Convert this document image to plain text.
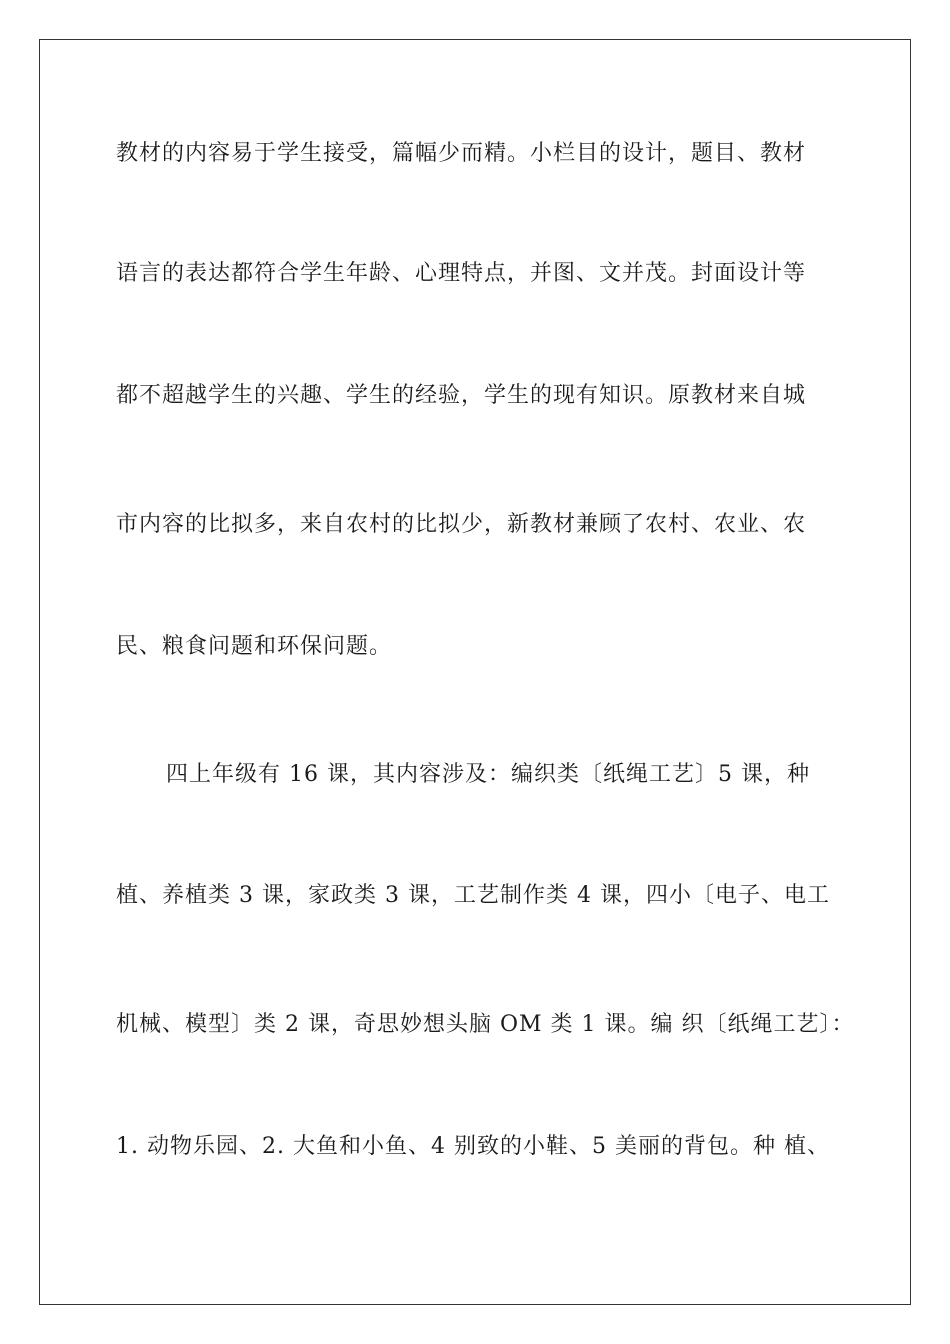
教材的内容易于学生接受，篇幅少而精。小栏目的设计，题目、教材
语言的表达都符合学生年龄、心理特点，并图、文并茂。封面设计等
都不超越学生的兴趣、学生的经验，学生的现有知识。原教材来自城
市内容的比拟多，来自农村的比拟少，新教材兼顾了农村、农业、农
民、粮食问题和环保问题。
四上年级有 16 课，其内容涉及：编织类〔纸绳工艺〕5 课，种
植、养植类 3 课，家政类 3 课，工艺制作类 4 课，四小〔电子、电工
机械、模型〕类 2 课，奇思妙想头脑 OM 类 1 课。编 织〔纸绳工艺〕：
1. 动物乐园、2. 大鱼和小鱼、4 别致的小鞋、5 美丽的背包。种 植、
